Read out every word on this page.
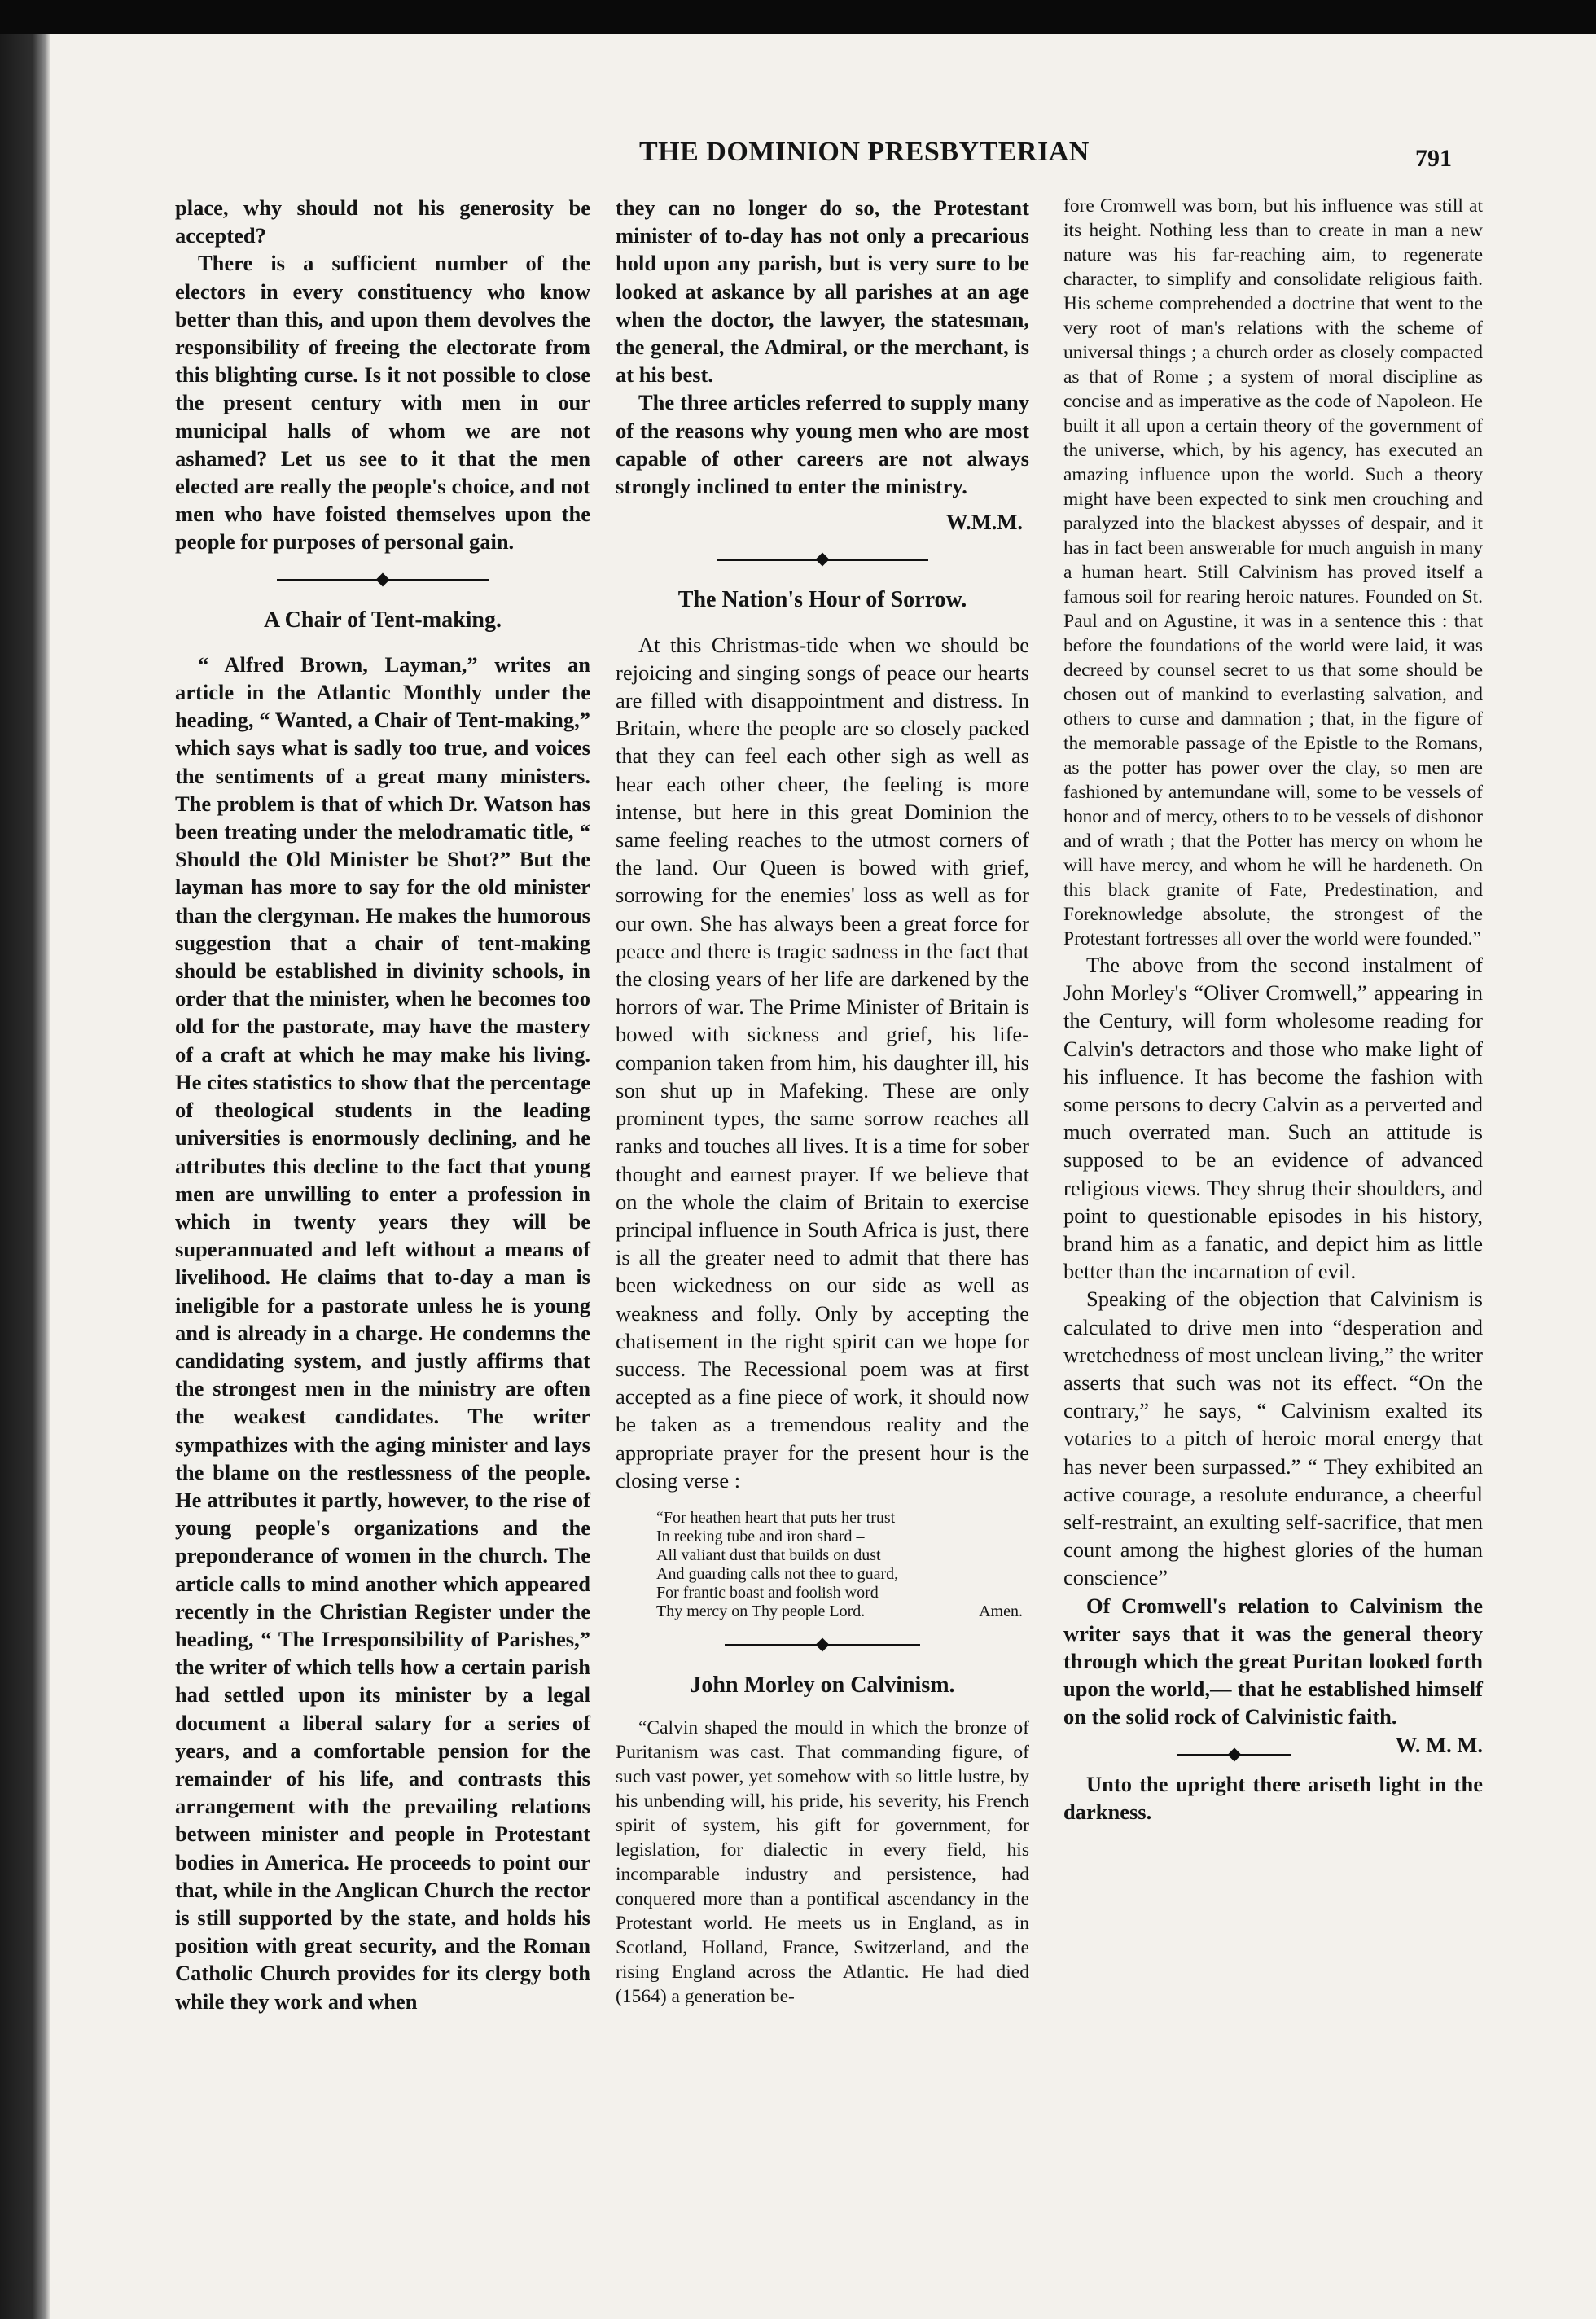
THE DOMINION PRESBYTERIAN	791

place, why should not his generosity be accepted?

There is a sufficient number of the electors in every constituency who know better than this, and upon them devolves the responsibility of freeing the electorate from this blighting curse. Is it not possible to close the present century with men in our municipal halls of whom we are not ashamed? Let us see to it that the men elected are really the people's choice, and not men who have foisted themselves upon the people for purposes of personal gain.

A Chair of Tent-making.

“ Alfred Brown, Layman,” writes an article in the Atlantic Monthly under the heading, “ Wanted, a Chair of Tent-making,” which says what is sadly too true, and voices the sentiments of a great many ministers. The problem is that of which Dr. Watson has been treating under the melodramatic title, “ Should the Old Minister be Shot?” But the layman has more to say for the old minister than the clergyman. He makes the humorous suggestion that a chair of tent-making should be established in divinity schools, in order that the minister, when he becomes too old for the pastorate, may have the mastery of a craft at which he may make his living. He cites statistics to show that the percentage of theological students in the leading universities is enormously declining, and he attributes this decline to the fact that young men are unwilling to enter a profession in which in twenty years they will be superannuated and left without a means of livelihood. He claims that to-day a man is ineligible for a pastorate unless he is young and is already in a charge. He condemns the candidating system, and justly affirms that the strongest men in the ministry are often the weakest candidates. The writer sympathizes with the aging minister and lays the blame on the restlessness of the people. He attributes it partly, however, to the rise of young people's organizations and the preponderance of women in the church. The article calls to mind another which appeared recently in the Christian Register under the heading, “ The Irresponsibility of Parishes,” the writer of which tells how a certain parish had settled upon its minister by a legal document a liberal salary for a series of years, and a comfortable pension for the remainder of his life, and contrasts this arrangement with the prevailing relations between minister and people in Protestant bodies in America. He proceeds to point our that, while in the Anglican Church the rector is still supported by the state, and holds his position with great security, and the Roman Catholic Church provides for its clergy both while they work and when

they can no longer do so, the Protestant minister of to-day has not only a precarious hold upon any parish, but is very sure to be looked at askance by all parishes at an age when the doctor, the lawyer, the statesman, the general, the Admiral, or the merchant, is at his best.

The three articles referred to supply many of the reasons why young men who are most capable of other careers are not always strongly inclined to enter the ministry.

W.M.M.
The Nation's Hour of Sorrow.

At this Christmas-tide when we should be rejoicing and singing songs of peace our hearts are filled with disappointment and distress. In Britain, where the people are so closely packed that they can feel each other sigh as well as hear each other cheer, the feeling is more intense, but here in this great Dominion the same feeling reaches to the utmost corners of the land. Our Queen is bowed with grief, sorrowing for the enemies' loss as well as for our own. She has always been a great force for peace and there is tragic sadness in the fact that the closing years of her life are darkened by the horrors of war. The Prime Minister of Britain is bowed with sickness and grief, his life-companion taken from him, his daughter ill, his son shut up in Mafeking. These are only prominent types, the same sorrow reaches all ranks and touches all lives. It is a time for sober thought and earnest prayer. If we believe that on the whole the claim of Britain to exercise principal influence in South Africa is just, there is all the greater need to admit that there has been wickedness on our side as well as weakness and folly. Only by accepting the chatisement in the right spirit can we hope for success. The Recessional poem was at first accepted as a fine piece of work, it should now be taken as a tremendous reality and the appropriate prayer for the present hour is the closing verse :

“For heathen heart that puts her trust
In reeking tube and iron shard –
All valiant dust that builds on dust
And guarding calls not thee to guard,
For frantic boast and foolish word
Thy mercy on Thy people Lord.	Amen.
John Morley on Calvinism.

“Calvin shaped the mould in which the bronze of Puritanism was cast. That commanding figure, of such vast power, yet somehow with so little lustre, by his unbending will, his pride, his severity, his French spirit of system, his gift for government, for legislation, for dialectic in every field, his incomparable industry and persistence, had conquered more than a pontifical ascendancy in the Protestant world. He meets us in England, as in Scotland, Holland, France, Switzerland, and the rising England across the Atlantic. He had died (1564) a generation be-

fore Cromwell was born, but his influence was still at its height. Nothing less than to create in man a new nature was his far-reaching aim, to regenerate character, to simplify and consolidate religious faith. His scheme comprehended a doctrine that went to the very root of man's relations with the scheme of universal things ; a church order as closely compacted as that of Rome ; a system of moral discipline as concise and as imperative as the code of Napoleon. He built it all upon a certain theory of the government of the universe, which, by his agency, has executed an amazing influence upon the world. Such a theory might have been expected to sink men crouching and paralyzed into the blackest abysses of despair, and it has in fact been answerable for much anguish in many a human heart. Still Calvinism has proved itself a famous soil for rearing heroic natures. Founded on St. Paul and on Agustine, it was in a sentence this : that before the foundations of the world were laid, it was decreed by counsel secret to us that some should be chosen out of mankind to everlasting salvation, and others to curse and damnation ; that, in the figure of the memorable passage of the Epistle to the Romans, as the potter has power over the clay, so men are fashioned by antemundane will, some to be vessels of honor and of mercy, others to to be vessels of dishonor and of wrath ; that the Potter has mercy on whom he will have mercy, and whom he will he hardeneth. On this black granite of Fate, Predestination, and Foreknowledge absolute, the strongest of the Protestant fortresses all over the world were founded.”

The above from the second instalment of John Morley's “Oliver Cromwell,” appearing in the Century, will form wholesome reading for Calvin's detractors and those who make light of his influence. It has become the fashion with some persons to decry Calvin as a perverted and much overrated man. Such an attitude is supposed to be an evidence of advanced religious views. They shrug their shoulders, and point to questionable episodes in his history, brand him as a fanatic, and depict him as little better than the incarnation of evil.

Speaking of the objection that Calvinism is calculated to drive men into “desperation and wretchedness of most unclean living,” the writer asserts that such was not its effect. “On the contrary,” he says, “ Calvinism exalted its votaries to a pitch of heroic moral energy that has never been surpassed.” “ They exhibited an active courage, a resolute endurance, a cheerful self-restraint, an exulting self-sacrifice, that men count among the highest glories of the human conscience”

Of Cromwell's relation to Calvinism the writer says that it was the general theory through which the great Puritan looked forth upon the world,— that he established himself on the solid rock of Calvinistic faith.
W. M. M.

Unto the upright there ariseth light in the darkness.
